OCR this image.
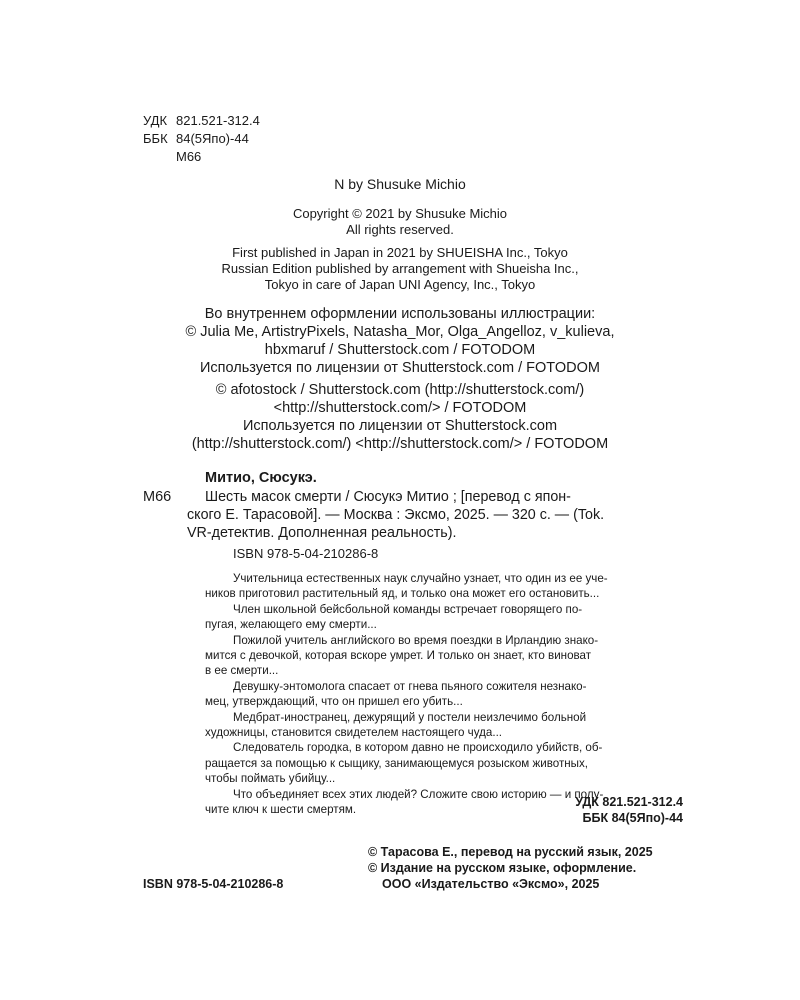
УДК 821.521-312.4
ББК 84(5Япо)-44
М66
N by Shusuke Michio
Copyright © 2021 by Shusuke Michio
All rights reserved.
First published in Japan in 2021 by SHUEISHA Inc., Tokyo
Russian Edition published by arrangement with Shueisha Inc.,
Tokyo in care of Japan UNI Agency, Inc., Tokyo
Во внутреннем оформлении использованы иллюстрации:
© Julia Me, ArtistryPixels, Natasha_Mor, Olga_Angelloz, v_kulieva,
hbxmaruf / Shutterstock.com / FOTODOM
Используется по лицензии от Shutterstock.com / FOTODOM
© afotostock / Shutterstock.com (http://shutterstock.com/)
<http://shutterstock.com/> / FOTODOM
Используется по лицензии от Shutterstock.com
(http://shutterstock.com/) <http://shutterstock.com/> / FOTODOM
Митио, Сюсукэ.
М66 Шесть масок смерти / Сюсукэ Митио ; [перевод с япон-
ского Е. Тарасовой]. — Москва : Эксмо, 2025. — 320 с. — (Tok.
VR-детектив. Дополненная реальность).
ISBN 978-5-04-210286-8
Учительница естественных наук случайно узнает, что один из ее уче-
ников приготовил растительный яд, и только она может его остановить...
Член школьной бейсбольной команды встречает говорящего по-
пугая, желающего ему смерти...
Пожилой учитель английского во время поездки в Ирландию знако-
мится с девочкой, которая вскоре умрет. И только он знает, кто виноват
в ее смерти...
Девушку-энтомолога спасает от гнева пьяного сожителя незнако-
мец, утверждающий, что он пришел его убить...
Медбрат-иностранец, дежурящий у постели неизлечимо больной
художницы, становится свидетелем настоящего чуда...
Следователь городка, в котором давно не происходило убийств, об-
ращается за помощью к сыщику, занимающемуся розыском животных,
чтобы поймать убийцу...
Что объединяет всех этих людей? Сложите свою историю — и полу-
чите ключ к шести смертям.
УДК 821.521-312.4
ББК 84(5Япо)-44
ISBN 978-5-04-210286-8
© Тарасова Е., перевод на русский язык, 2025
© Издание на русском языке, оформление.
ООО «Издательство «Эксмо», 2025
